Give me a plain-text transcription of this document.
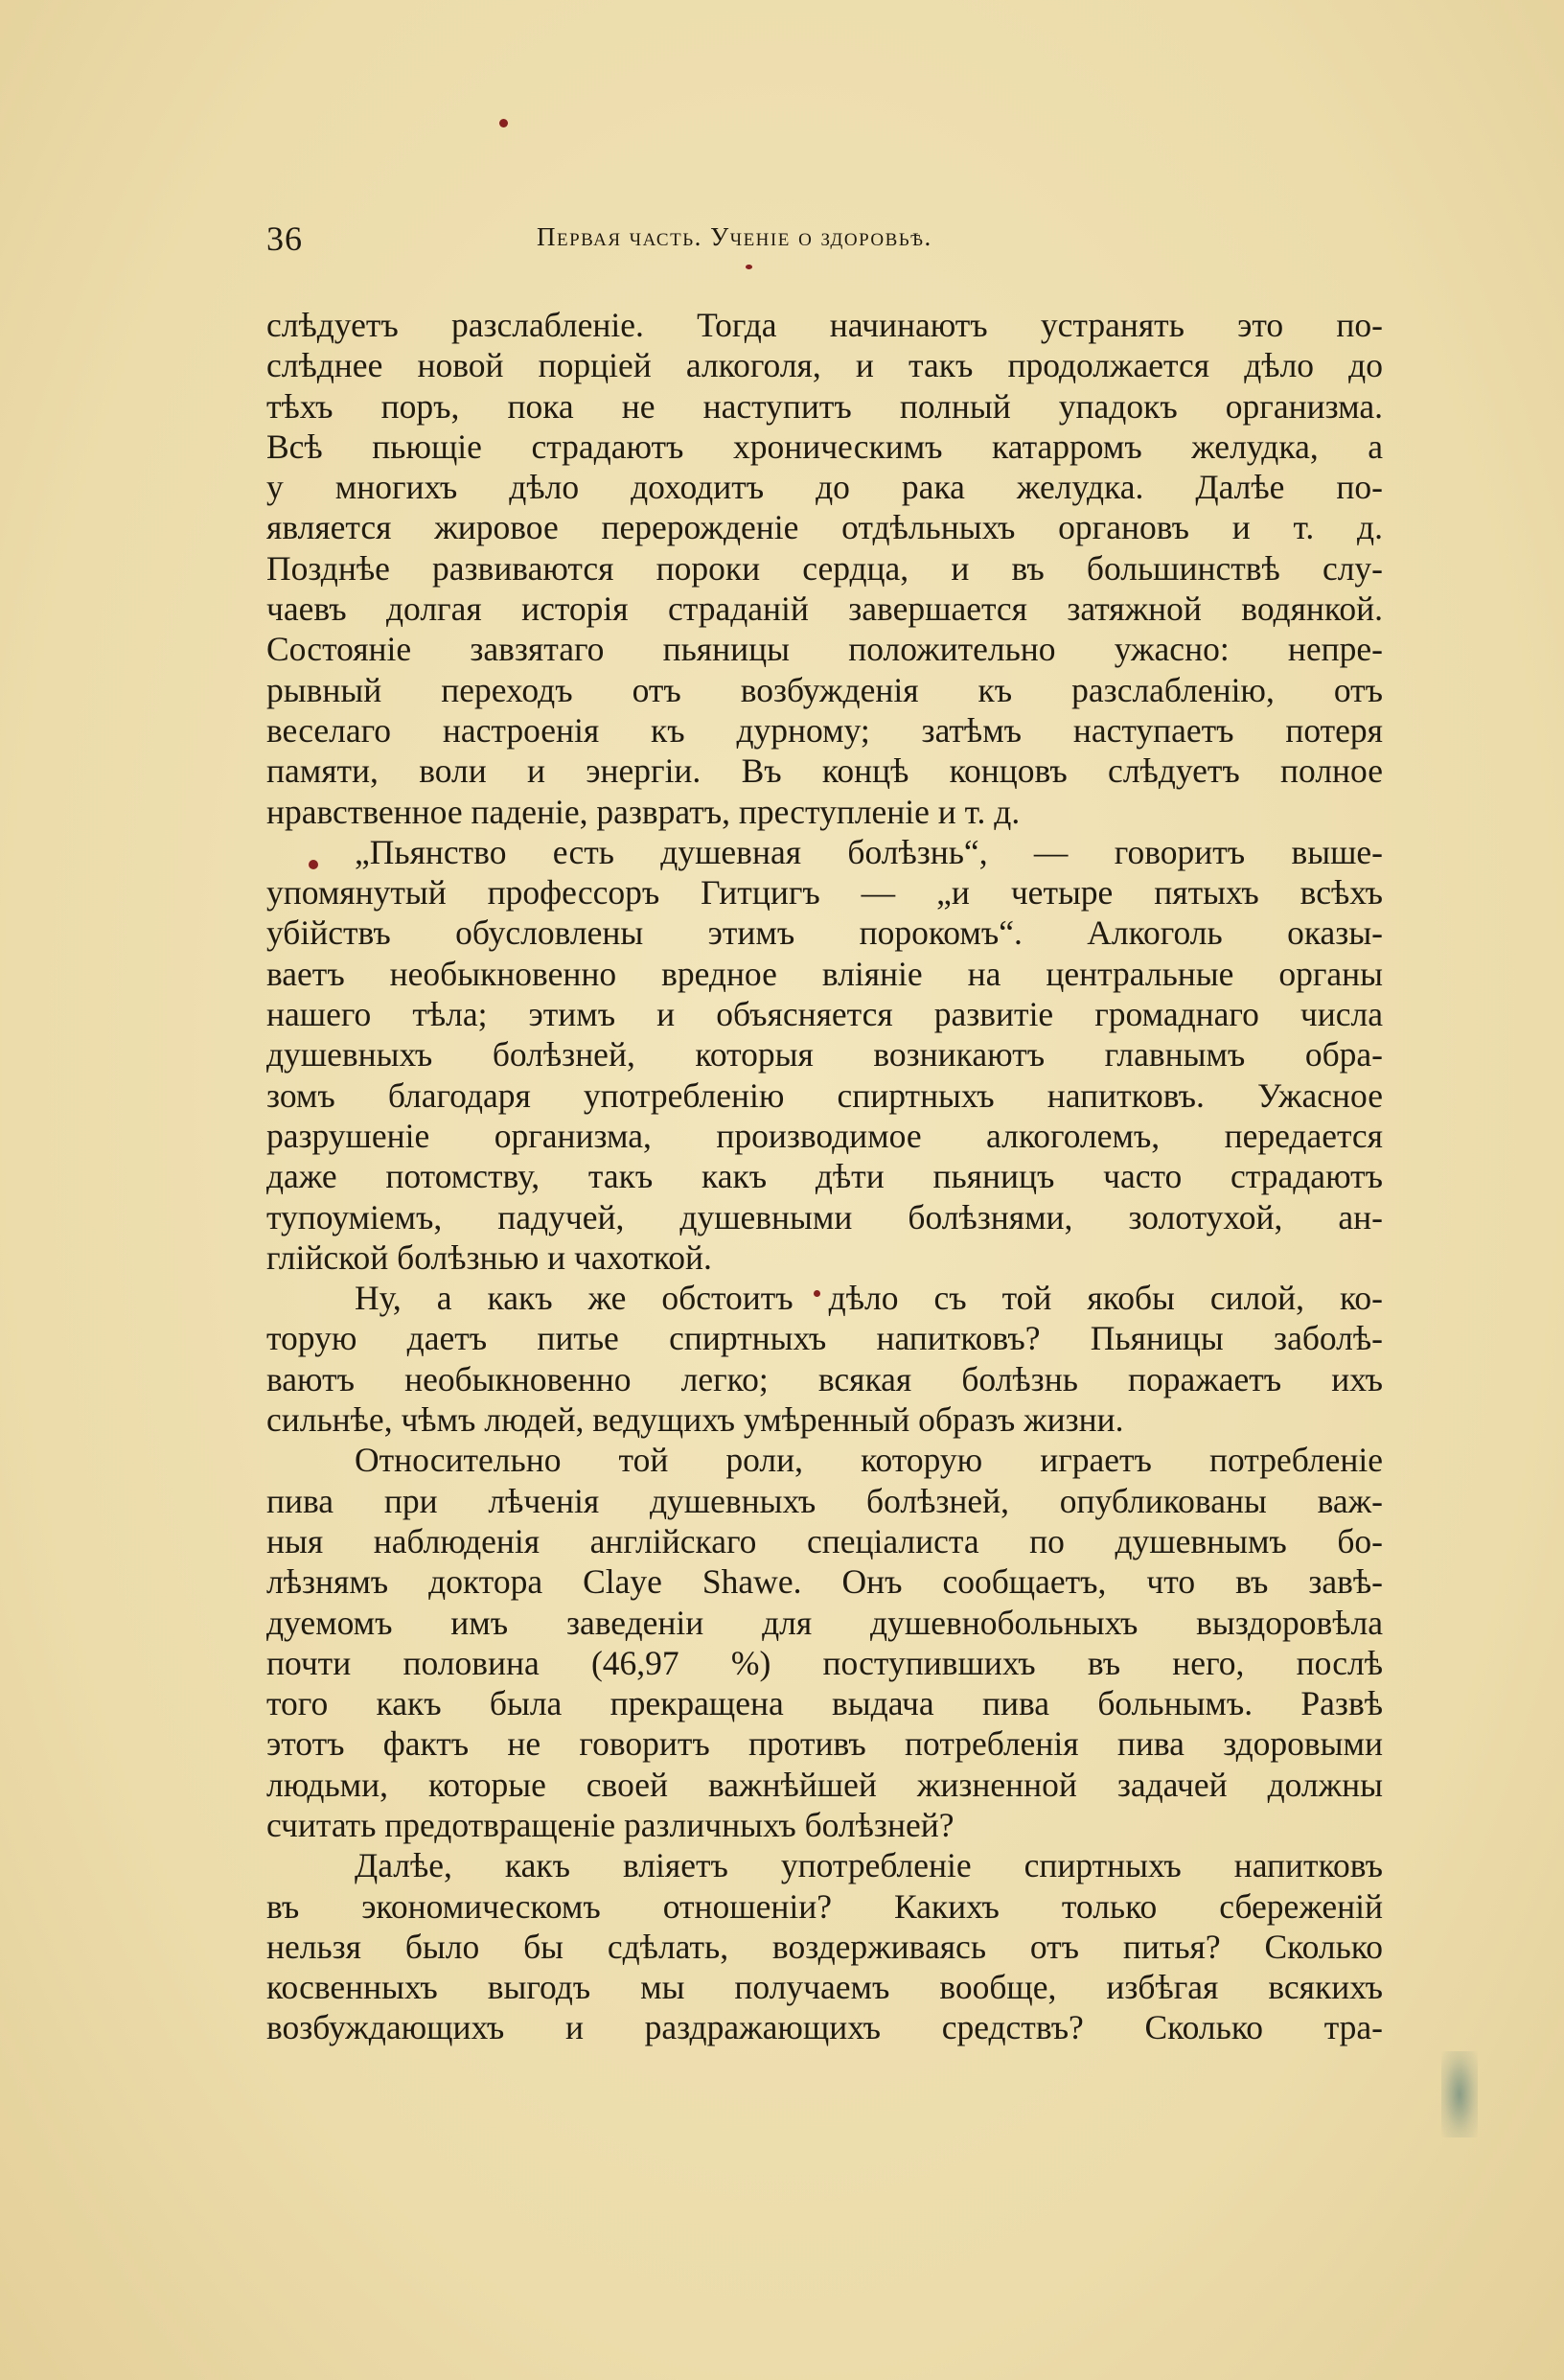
36	Первая часть. Ученіе о здоровьѣ.
слѣдуетъ разслабленіе. Тогда начинаютъ устранять это по-
слѣднее новой порціей алкоголя, и такъ продолжается дѣло до
тѣхъ поръ, пока не наступитъ полный упадокъ организма.
Всѣ пьющіе страдаютъ хроническимъ катарромъ желудка, а
у многихъ дѣло доходитъ до рака желудка. Далѣе по-
является жировое перерожденіе отдѣльныхъ органовъ и т. д.
Позднѣе развиваются пороки сердца, и въ большинствѣ слу-
чаевъ долгая исторія страданій завершается затяжной водянкой.
Состояніе завзятаго пьяницы положительно ужасно: непре-
рывный переходъ отъ возбужденія къ разслабленію, отъ
веселаго настроенія къ дурному; затѣмъ наступаетъ потеря
памяти, воли и энергіи. Въ концѣ концовъ слѣдуетъ полное
нравственное паденіе, развратъ, преступленіе и т. д.
„Пьянство есть душевная болѣзнь“, — говоритъ выше-
упомянутый профессоръ Гитцигъ — „и четыре пятыхъ всѣхъ
убійствъ обусловлены этимъ порокомъ“. Алкоголь оказы-
ваетъ необыкновенно вредное вліяніе на центральные органы
нашего тѣла; этимъ и объясняется развитіе громаднаго числа
душевныхъ болѣзней, которыя возникаютъ главнымъ обра-
зомъ благодаря употребленію спиртныхъ напитковъ. Ужасное
разрушеніе организма, производимое алкоголемъ, передается
даже потомству, такъ какъ дѣти пьяницъ часто страдаютъ
тупоуміемъ, падучей, душевными болѣзнями, золотухой, ан-
глійской болѣзнью и чахоткой.
Ну, а какъ же обстоитъ дѣло съ той якобы силой, ко-
торую даетъ питье спиртныхъ напитковъ? Пьяницы заболѣ-
ваютъ необыкновенно легко; всякая болѣзнь поражаетъ ихъ
сильнѣе, чѣмъ людей, ведущихъ умѣренный образъ жизни.
Относительно той роли, которую играетъ потребленіе
пива при лѣченія душевныхъ болѣзней, опубликованы важ-
ныя наблюденія англійскаго спеціалиста по душевнымъ бо-
лѣзнямъ доктора Claye Shawe. Онъ сообщаетъ, что въ завѣ-
дуемомъ имъ заведеніи для душевнобольныхъ выздоровѣла
почти половина (46,97 %) поступившихъ въ него, послѣ
того какъ была прекращена выдача пива больнымъ. Развѣ
этотъ фактъ не говоритъ противъ потребленія пива здоровыми
людьми, которые своей важнѣйшей жизненной задачей должны
считать предотвращеніе различныхъ болѣзней?
Далѣе, какъ вліяетъ употребленіе спиртныхъ напитковъ
въ экономическомъ отношеніи? Какихъ только сбереженій
нельзя было бы сдѣлать, воздерживаясь отъ питья? Сколько
косвенныхъ выгодъ мы получаемъ вообще, избѣгая всякихъ
возбуждающихъ и раздражающихъ средствъ? Сколько тра-
